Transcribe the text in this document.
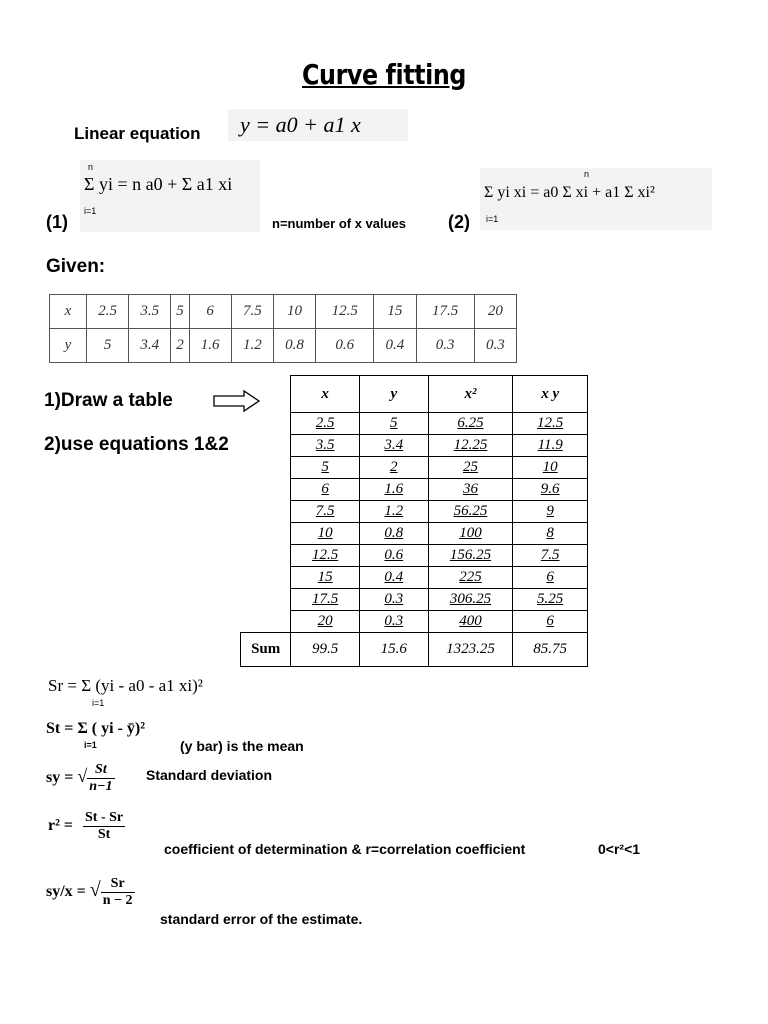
Curve fitting
Linear equation	y = a0 + a1 x
n
Σ yi = n a0 + Σ a1 xi
i=1
(1)	n=number of x values (2)
n
Σ yi xi = a0 Σ xi + a1 Σ xi²
i=1
Given:
x	2.5	3.5	5	6	7.5	10	12.5	15	17.5	20
y	5	3.4	2	1.6	1.2	0.8	0.6	0.4	0.3	0.3
1)Draw a table
2)use equations 1&2
	x	y	x²	x y
	2.5	5	6.25	12.5
	3.5	3.4	12.25	11.9
	5	2	25	10
	6	1.6	36	9.6
	7.5	1.2	56.25	9
	10	0.8	100	8
	12.5	0.6	156.25	7.5
	15	0.4	225	6
	17.5	0.3	306.25	5.25
	20	0.3	400	6
Sum	99.5	15.6	1323.25	85.75
Sr = Σ (yi - a0 - a1 xi)²
i=1
St = Σ ( yi - ȳ)²
i=1	(y bar) is the mean
sy = √ $\frac{St}{n-1}$ Standard deviation
$r^2 = \frac{St - Sr}{St}$
coefficient of determination & r=correlation coefficient	0<r²<1
sy/x = √ $\frac{Sr}{n - 2}$
standard error of the estimate.
